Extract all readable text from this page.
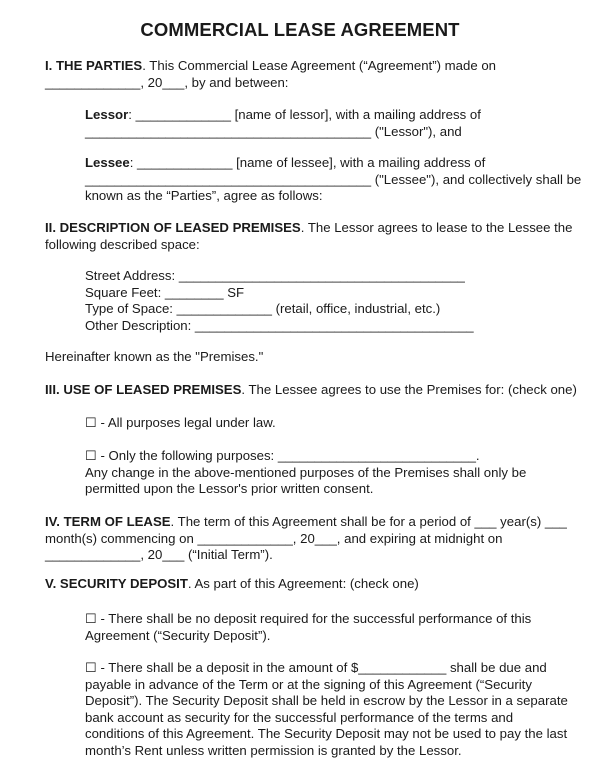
COMMERCIAL LEASE AGREEMENT
I. THE PARTIES. This Commercial Lease Agreement (“Agreement”) made on
_____________, 20___, by and between:
Lessor: _____________ [name of lessor], with a mailing address of
_______________________________________ ("Lessor"), and
Lessee: _____________ [name of lessee], with a mailing address of
_______________________________________ ("Lessee"), and collectively shall be
known as the “Parties”, agree as follows:
II. DESCRIPTION OF LEASED PREMISES. The Lessor agrees to lease to the Lessee the
following described space:
Street Address: _______________________________________
Square Feet: ________ SF
Type of Space: _____________ (retail, office, industrial, etc.)
Other Description: ______________________________________
Hereinafter known as the "Premises."
III. USE OF LEASED PREMISES. The Lessee agrees to use the Premises for: (check one)
☐ - All purposes legal under law.
☐ - Only the following purposes: ___________________________.
Any change in the above-mentioned purposes of the Premises shall only be
permitted upon the Lessor's prior written consent.
IV. TERM OF LEASE. The term of this Agreement shall be for a period of ___ year(s) ___
month(s) commencing on _____________, 20___, and expiring at midnight on
_____________, 20___ (“Initial Term”).
V. SECURITY DEPOSIT. As part of this Agreement: (check one)
☐ - There shall be no deposit required for the successful performance of this
Agreement (“Security Deposit”).
☐ - There shall be a deposit in the amount of $____________ shall be due and
payable in advance of the Term or at the signing of this Agreement (“Security
Deposit”). The Security Deposit shall be held in escrow by the Lessor in a separate
bank account as security for the successful performance of the terms and
conditions of this Agreement. The Security Deposit may not be used to pay the last
month’s Rent unless written permission is granted by the Lessor.
